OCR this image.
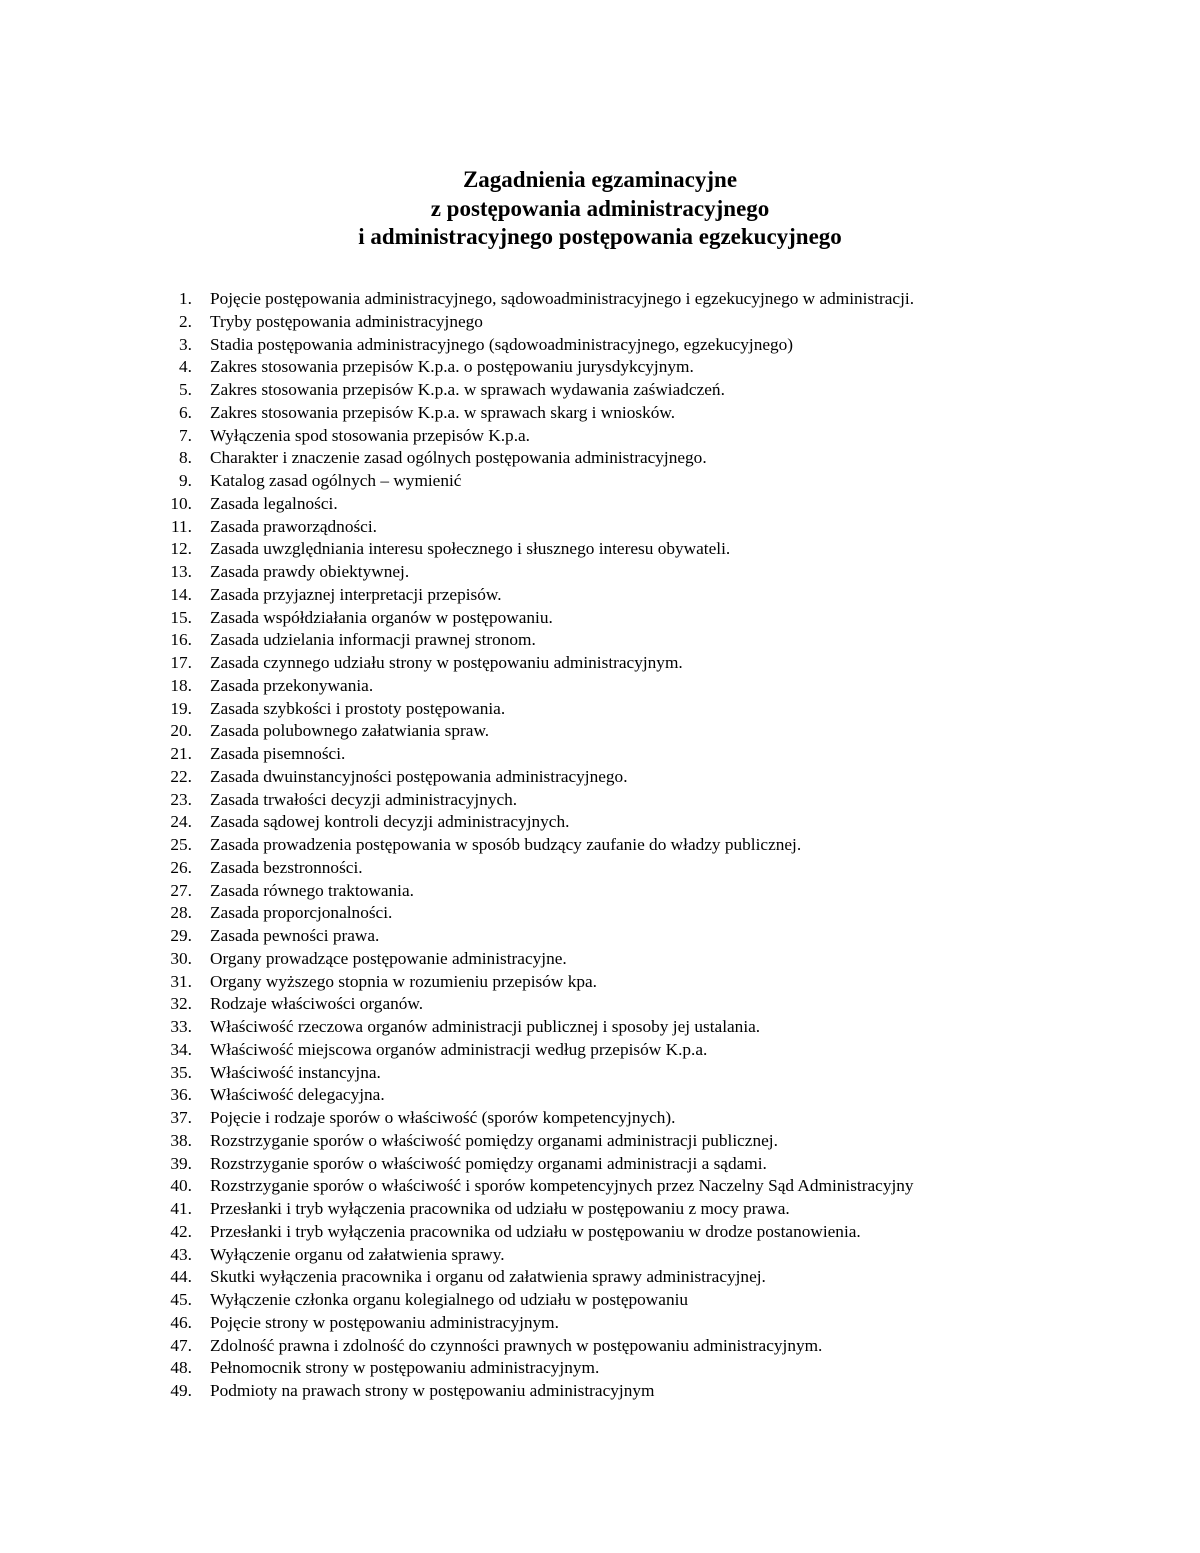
Zagadnienia egzaminacyjne
z postępowania administracyjnego
i administracyjnego postępowania egzekucyjnego
1.	Pojęcie postępowania administracyjnego, sądowoadministracyjnego i egzekucyjnego w administracji.
2.	Tryby postępowania administracyjnego
3.	Stadia postępowania administracyjnego (sądowoadministracyjnego, egzekucyjnego)
4.	Zakres stosowania przepisów K.p.a. o postępowaniu jurysdykcyjnym.
5.	Zakres stosowania przepisów K.p.a. w sprawach wydawania zaświadczeń.
6.	Zakres stosowania przepisów K.p.a. w sprawach skarg i wniosków.
7.	Wyłączenia spod stosowania przepisów K.p.a.
8.	Charakter i znaczenie zasad ogólnych postępowania administracyjnego.
9.	Katalog zasad ogólnych – wymienić
10.	Zasada legalności.
11.	Zasada praworządności.
12.	Zasada uwzględniania interesu społecznego i słusznego interesu obywateli.
13.	Zasada prawdy obiektywnej.
14.	Zasada przyjaznej interpretacji przepisów.
15.	Zasada współdziałania organów w postępowaniu.
16.	Zasada udzielania informacji prawnej stronom.
17.	Zasada czynnego udziału strony w postępowaniu administracyjnym.
18.	Zasada przekonywania.
19.	Zasada szybkości i prostoty postępowania.
20.	Zasada polubownego załatwiania spraw.
21.	Zasada pisemności.
22.	Zasada dwuinstancyjności postępowania administracyjnego.
23.	Zasada trwałości decyzji administracyjnych.
24.	Zasada sądowej kontroli decyzji administracyjnych.
25.	Zasada prowadzenia postępowania w sposób budzący zaufanie do władzy publicznej.
26.	Zasada bezstronności.
27.	Zasada równego traktowania.
28.	Zasada proporcjonalności.
29.	Zasada pewności prawa.
30.	Organy prowadzące postępowanie administracyjne.
31.	Organy wyższego stopnia w rozumieniu przepisów kpa.
32.	Rodzaje właściwości organów.
33.	Właściwość rzeczowa organów administracji publicznej i sposoby jej ustalania.
34.	Właściwość miejscowa organów administracji według przepisów K.p.a.
35.	Właściwość instancyjna.
36.	Właściwość delegacyjna.
37.	Pojęcie i rodzaje sporów o właściwość (sporów kompetencyjnych).
38.	Rozstrzyganie sporów o właściwość pomiędzy organami administracji publicznej.
39.	Rozstrzyganie sporów o właściwość pomiędzy organami administracji a sądami.
40.	Rozstrzyganie sporów o właściwość i sporów kompetencyjnych przez Naczelny Sąd Administracyjny
41.	Przesłanki i tryb wyłączenia pracownika od udziału w postępowaniu z mocy prawa.
42.	Przesłanki i tryb wyłączenia pracownika od udziału w postępowaniu w drodze postanowienia.
43.	Wyłączenie organu od załatwienia sprawy.
44.	Skutki wyłączenia pracownika i organu od załatwienia sprawy administracyjnej.
45.	Wyłączenie członka organu kolegialnego od udziału w postępowaniu
46.	Pojęcie strony w postępowaniu administracyjnym.
47.	Zdolność prawna i zdolność do czynności prawnych w postępowaniu administracyjnym.
48.	Pełnomocnik strony w postępowaniu administracyjnym.
49.	Podmioty na prawach strony w postępowaniu administracyjnym
